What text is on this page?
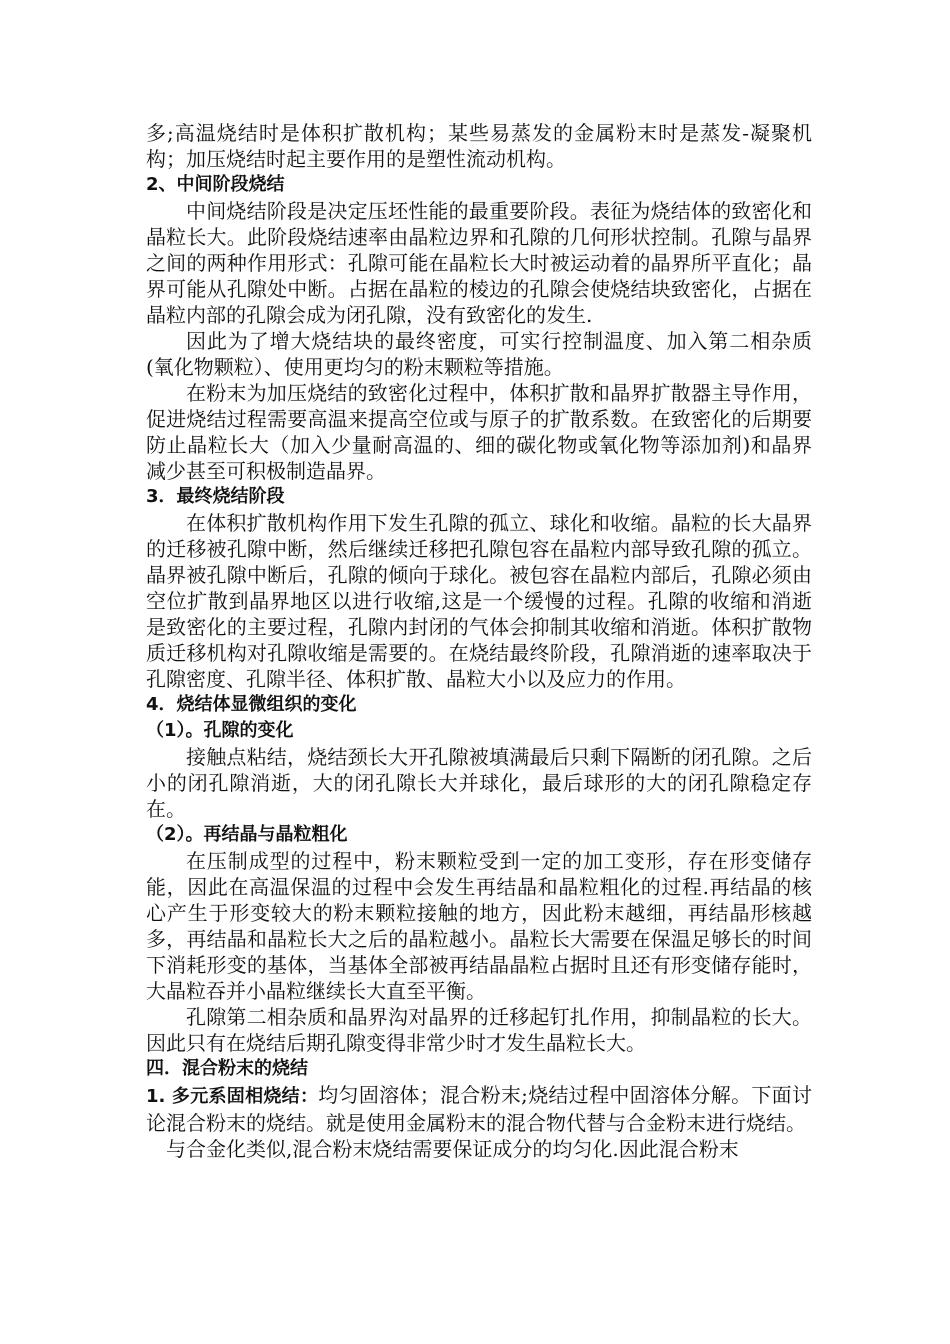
多;高温烧结时是体积扩散机构；某些易蒸发的金属粉末时是蒸发-凝聚机构；加压烧结时起主要作用的是塑性流动机构。

2、中间阶段烧结

中间烧结阶段是决定压坯性能的最重要阶段。表征为烧结体的致密化和晶粒长大。此阶段烧结速率由晶粒边界和孔隙的几何形状控制。孔隙与晶界之间的两种作用形式：孔隙可能在晶粒长大时被运动着的晶界所平直化；晶界可能从孔隙处中断。占据在晶粒的棱边的孔隙会使烧结块致密化，占据在晶粒内部的孔隙会成为闭孔隙，没有致密化的发生.

因此为了增大烧结块的最终密度，可实行控制温度、加入第二相杂质(氧化物颗粒）、使用更均匀的粉末颗粒等措施。

在粉末为加压烧结的致密化过程中，体积扩散和晶界扩散器主导作用，促进烧结过程需要高温来提高空位或与原子的扩散系数。在致密化的后期要防止晶粒长大（加入少量耐高温的、细的碳化物或氧化物等添加剂)和晶界减少甚至可积极制造晶界。

3．最终烧结阶段

在体积扩散机构作用下发生孔隙的孤立、球化和收缩。晶粒的长大晶界的迁移被孔隙中断，然后继续迁移把孔隙包容在晶粒内部导致孔隙的孤立。晶界被孔隙中断后，孔隙的倾向于球化。被包容在晶粒内部后，孔隙必须由空位扩散到晶界地区以进行收缩,这是一个缓慢的过程。孔隙的收缩和消逝是致密化的主要过程，孔隙内封闭的气体会抑制其收缩和消逝。体积扩散物质迁移机构对孔隙收缩是需要的。在烧结最终阶段，孔隙消逝的速率取决于孔隙密度、孔隙半径、体积扩散、晶粒大小以及应力的作用。

4．烧结体显微组织的变化

（1）。孔隙的变化

接触点粘结，烧结颈长大开孔隙被填满最后只剩下隔断的闭孔隙。之后小的闭孔隙消逝，大的闭孔隙长大并球化，最后球形的大的闭孔隙稳定存在。

（2）。再结晶与晶粒粗化

在压制成型的过程中，粉末颗粒受到一定的加工变形，存在形变储存能，因此在高温保温的过程中会发生再结晶和晶粒粗化的过程.再结晶的核心产生于形变较大的粉末颗粒接触的地方，因此粉末越细，再结晶形核越多，再结晶和晶粒长大之后的晶粒越小。晶粒长大需要在保温足够长的时间下消耗形变的基体，当基体全部被再结晶晶粒占据时且还有形变储存能时，大晶粒吞并小晶粒继续长大直至平衡。

孔隙第二相杂质和晶界沟对晶界的迁移起钉扎作用，抑制晶粒的长大。因此只有在烧结后期孔隙变得非常少时才发生晶粒长大。

四．混合粉末的烧结

1. 多元系固相烧结：均匀固溶体；混合粉末;烧结过程中固溶体分解。下面讨论混合粉末的烧结。就是使用金属粉末的混合物代替与合金粉末进行烧结。

与合金化类似,混合粉末烧结需要保证成分的均匀化.因此混合粉末
